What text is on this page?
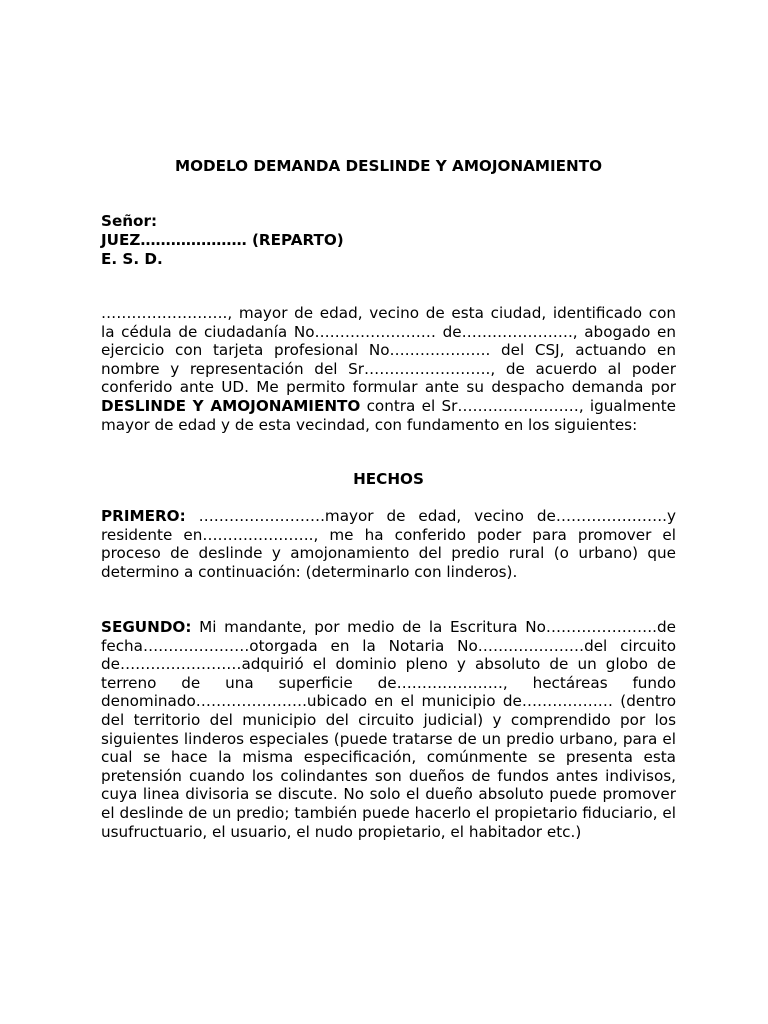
MODELO DEMANDA DESLINDE Y AMOJONAMIENTO
Señor:
JUEZ………………… (REPARTO)
E. S. D.

……………………., mayor de edad, vecino de esta ciudad, identificado con la cédula de ciudadanía No…………………… de…………………., abogado en ejercicio con tarjeta profesional No……………….. del CSJ, actuando en nombre y representación del Sr……………………., de acuerdo al poder conferido ante UD. Me permito formular ante su despacho demanda por DESLINDE Y AMOJONAMIENTO contra el Sr……………………, igualmente mayor de edad y de esta vecindad, con fundamento en los siguientes:

HECHOS

PRIMERO: …………………….mayor de edad, vecino de………………….y residente en…………………., me ha conferido poder para promover el proceso de deslinde y amojonamiento del predio rural (o urbano) que determino a continuación: (determinarlo con linderos).

SEGUNDO: Mi mandante, por medio de la Escritura No………………….de fecha…………………otorgada en la Notaria No…………………del circuito de……………………adquirió el dominio pleno y absoluto de un globo de terreno de una superficie de…………………, hectáreas fundo denominado………………….ubicado en el municipio de……………… (dentro del territorio del municipio del circuito judicial) y comprendido por los siguientes linderos especiales (puede tratarse de un predio urbano, para el cual se hace la misma especificación, comúnmente se presenta esta pretensión cuando los colindantes son dueños de fundos antes indivisos, cuya linea divisoria se discute. No solo el dueño absoluto puede promover el deslinde de un predio; también puede hacerlo el propietario fiduciario, el usufructuario, el usuario, el nudo propietario, el habitador etc.)
